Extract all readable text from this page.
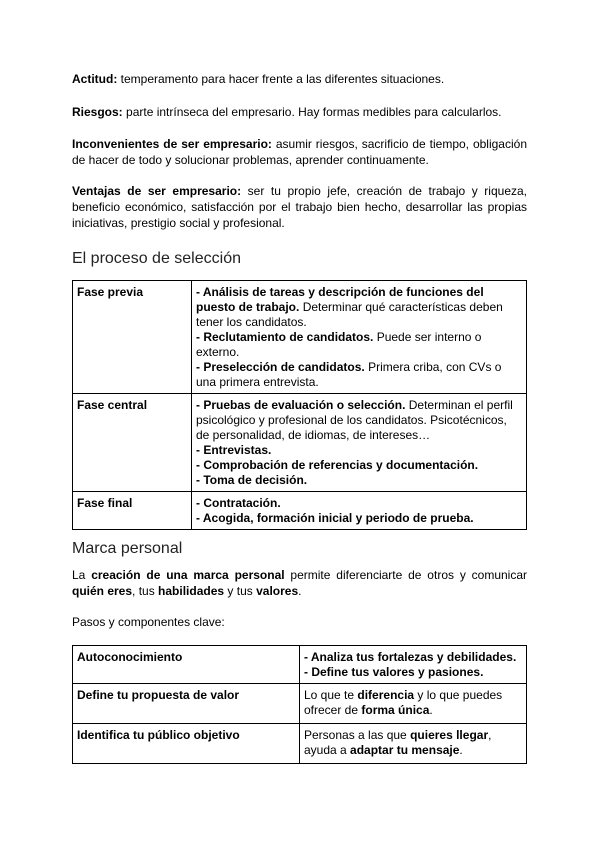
Actitud: temperamento para hacer frente a las diferentes situaciones.

Riesgos: parte intrínseca del empresario. Hay formas medibles para calcularlos.

Inconvenientes de ser empresario: asumir riesgos, sacrificio de tiempo, obligación de hacer de todo y solucionar problemas, aprender continuamente.

Ventajas de ser empresario: ser tu propio jefe, creación de trabajo y riqueza, beneficio económico, satisfacción por el trabajo bien hecho, desarrollar las propias iniciativas, prestigio social y profesional.

El proceso de selección
Fase previa	- Análisis de tareas y descripción de funciones del puesto de trabajo. Determinar qué características deben tener los candidatos.
- Reclutamiento de candidatos. Puede ser interno o externo.
- Preselección de candidatos. Primera criba, con CVs o una primera entrevista.
Fase central	- Pruebas de evaluación o selección. Determinan el perfil psicológico y profesional de los candidatos. Psicotécnicos, de personalidad, de idiomas, de intereses…
- Entrevistas.
- Comprobación de referencias y documentación.
- Toma de decisión.
Fase final	- Contratación.
- Acogida, formación inicial y periodo de prueba.
Marca personal

La creación de una marca personal permite diferenciarte de otros y comunicar quién eres, tus habilidades y tus valores.

Pasos y componentes clave:

Autoconocimiento	- Analiza tus fortalezas y debilidades.
- Define tus valores y pasiones.
Define tu propuesta de valor	Lo que te diferencia y lo que puedes ofrecer de forma única.
Identifica tu público objetivo	Personas a las que quieres llegar, ayuda a adaptar tu mensaje.
